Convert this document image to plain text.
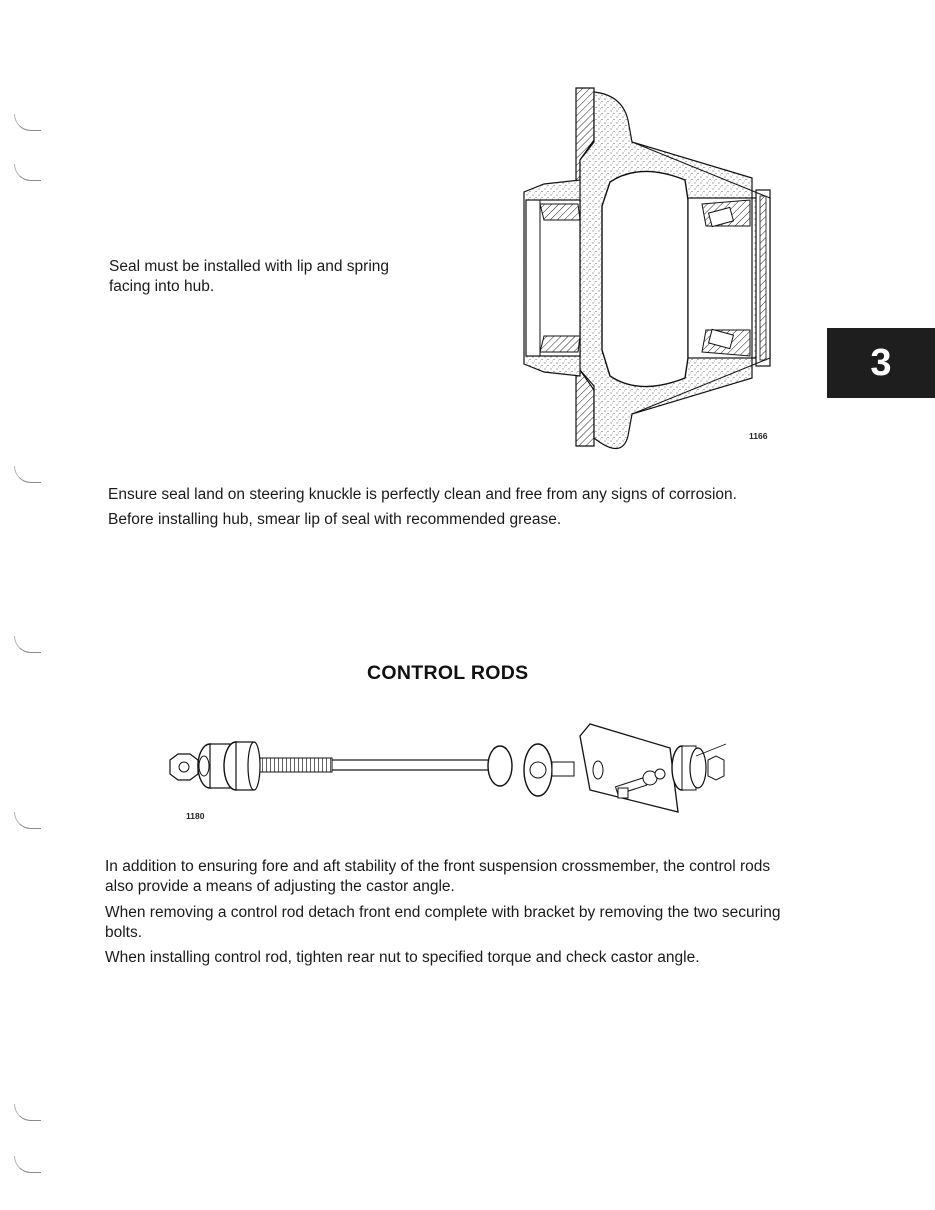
3

Seal must be installed with lip and spring facing into hub.

1166

Ensure seal land on steering knuckle is perfectly clean and free from any signs of corrosion.

Before installing hub, smear lip of seal with recommended grease.

CONTROL RODS
1180

In addition to ensuring fore and aft stability of the front suspension crossmember, the control rods also provide a means of adjusting the castor angle.

When removing a control rod detach front end complete with bracket by removing the two securing bolts.

When installing control rod, tighten rear nut to specified torque and check castor angle.
